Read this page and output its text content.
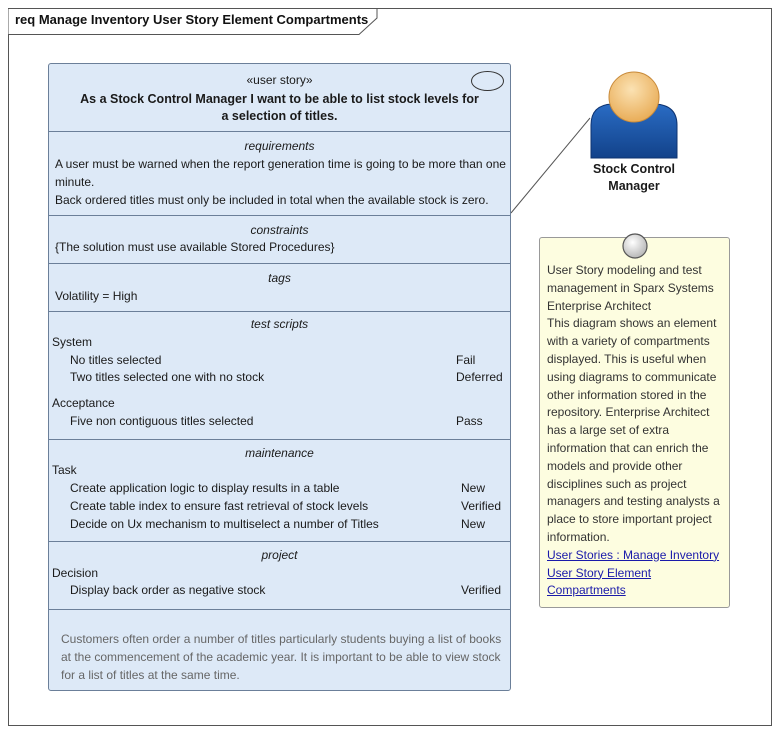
req Manage Inventory User Story Element Compartments
«user story»
As a Stock Control Manager I want to be able to list stock levels for
a selection of titles.
requirements
A user must be warned when the report generation time is going to be more than one
minute.
Back ordered titles must only be included in total when the available stock is zero.
constraints
{The solution must use available Stored Procedures}
tags
Volatility = High
test scripts
System
No titles selected	Fail
Two titles selected one with no stock	Deferred
Acceptance
Five non contiguous titles selected	Pass
maintenance
Task
Create application logic to display results in a table	New
Create table index to ensure fast retrieval of stock levels	Verified
Decide on Ux mechanism to multiselect a number of Titles	New
project
Decision
Display back order as negative stock	Verified
Customers often order a number of titles particularly students buying a list of books at the commencement of the academic year. It is important to be able to view stock for a list of titles at the same time.
Stock Control
Manager
User Story modeling and test
management in Sparx Systems
Enterprise Architect
This diagram shows an element
with a variety of compartments
displayed. This is useful when
using diagrams to communicate
other information stored in the
repository. Enterprise Architect
has a large set of extra
information that can enrich the
models and provide other
disciplines such as project
managers and testing analysts a
place to store important project
information.
User Stories : Manage Inventory
User Story Element
Compartments
